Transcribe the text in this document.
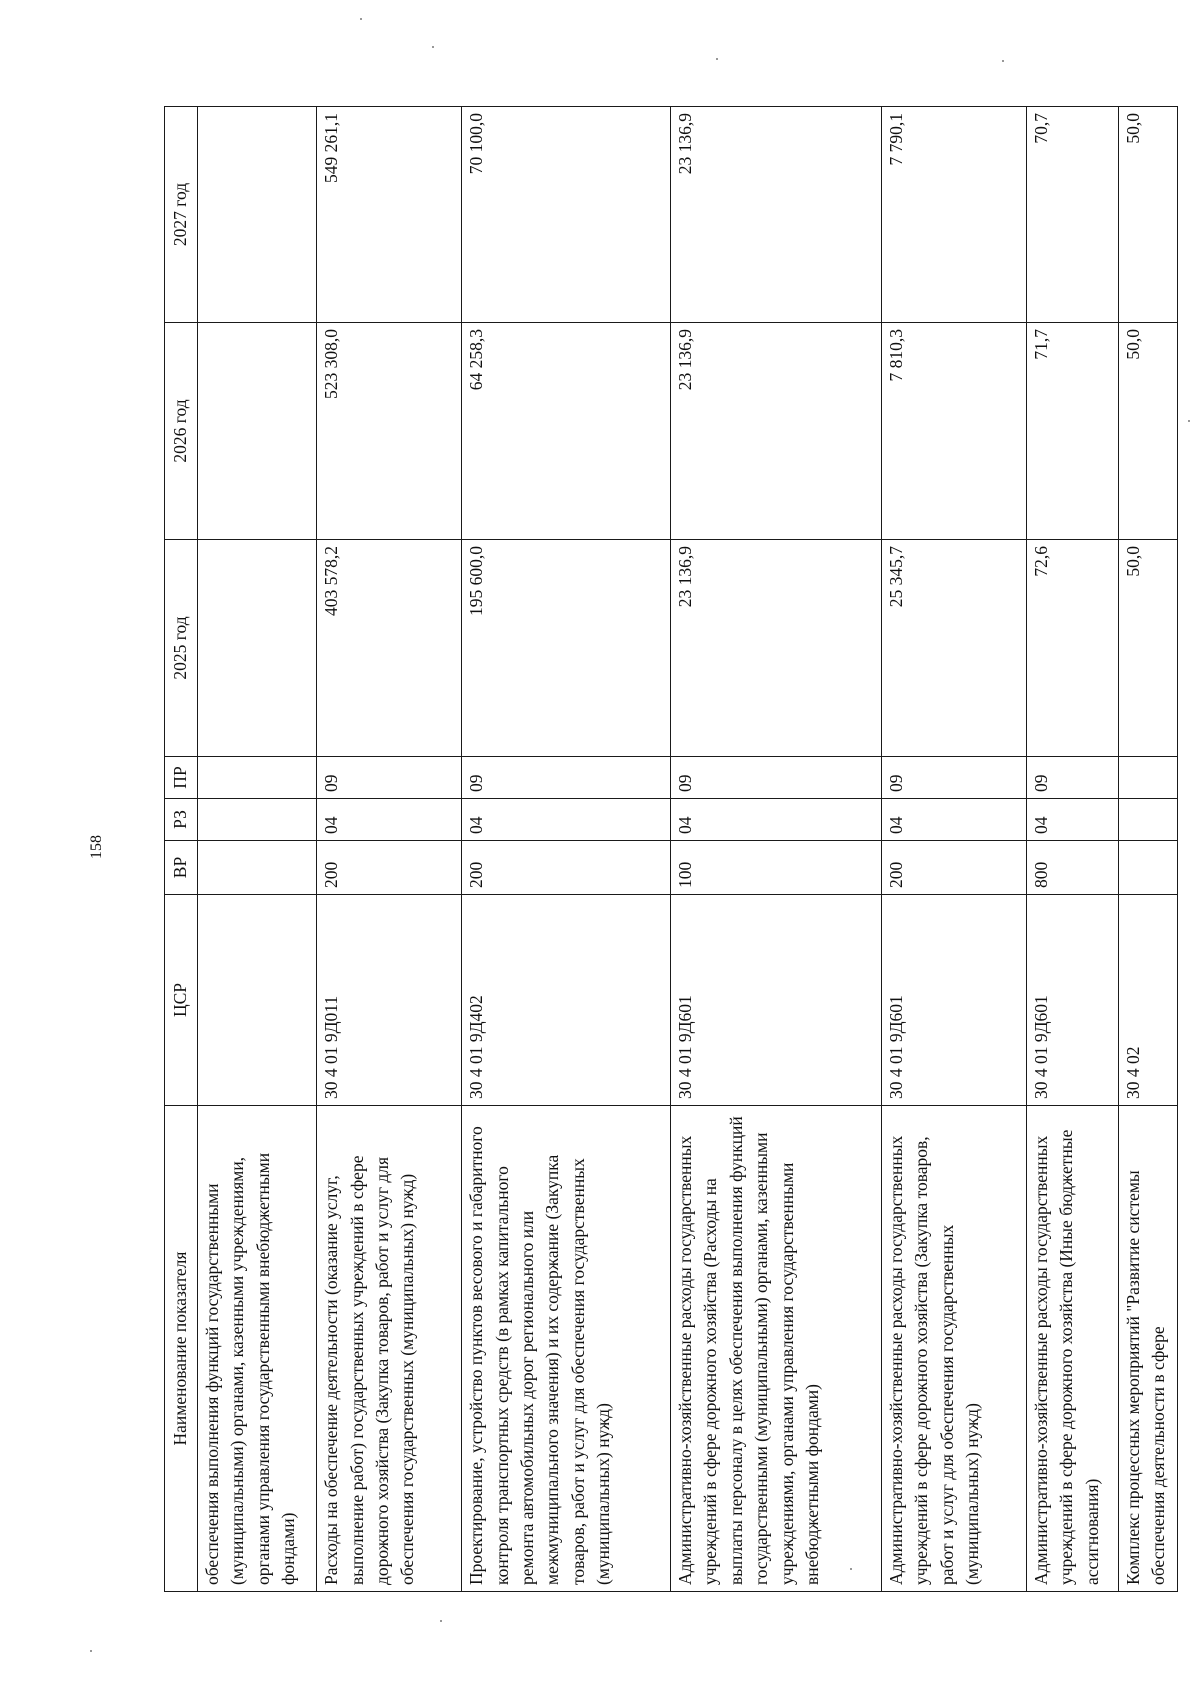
158
Наименование показателя	ЦСР	ВР	РЗ	ПР	2025 год	2026 год	2027 год
обеспечения выполнения функций государственными (муниципальными) органами, казенными учреждениями, органами управления государственными внебюджетными фондами)							
Расходы на обеспечение деятельности (оказание услуг, выполнение работ) государственных учреждений в сфере дорожного хозяйства (Закупка товаров, работ и услуг для обеспечения государственных (муниципальных) нужд)	30 4 01 9Д011	200	04	09	403 578,2	523 308,0	549 261,1
Проектирование, устройство пунктов весового и габаритного контроля транспортных средств (в рамках капитального ремонта автомобильных дорог регионального или межмуниципального значения) и их содержание (Закупка товаров, работ и услуг для обеспечения государственных (муниципальных) нужд)	30 4 01 9Д402	200	04	09	195 600,0	64 258,3	70 100,0
Административно-хозяйственные расходы государственных учреждений в сфере дорожного хозяйства (Расходы на выплаты персоналу в целях обеспечения выполнения функций государственными (муниципальными) органами, казенными учреждениями, органами управления государственными внебюджетными фондами)	30 4 01 9Д601	100	04	09	23 136,9	23 136,9	23 136,9
Административно-хозяйственные расходы государственных учреждений в сфере дорожного хозяйства (Закупка товаров, работ и услуг для обеспечения государственных (муниципальных) нужд)	30 4 01 9Д601	200	04	09	25 345,7	7 810,3	7 790,1
Административно-хозяйственные расходы государственных учреждений в сфере дорожного хозяйства (Иные бюджетные ассигнования)	30 4 01 9Д601	800	04	09	72,6	71,7	70,7
Комплекс процессных мероприятий "Развитие системы обеспечения деятельности в сфере	30 4 02				50,0	50,0	50,0
